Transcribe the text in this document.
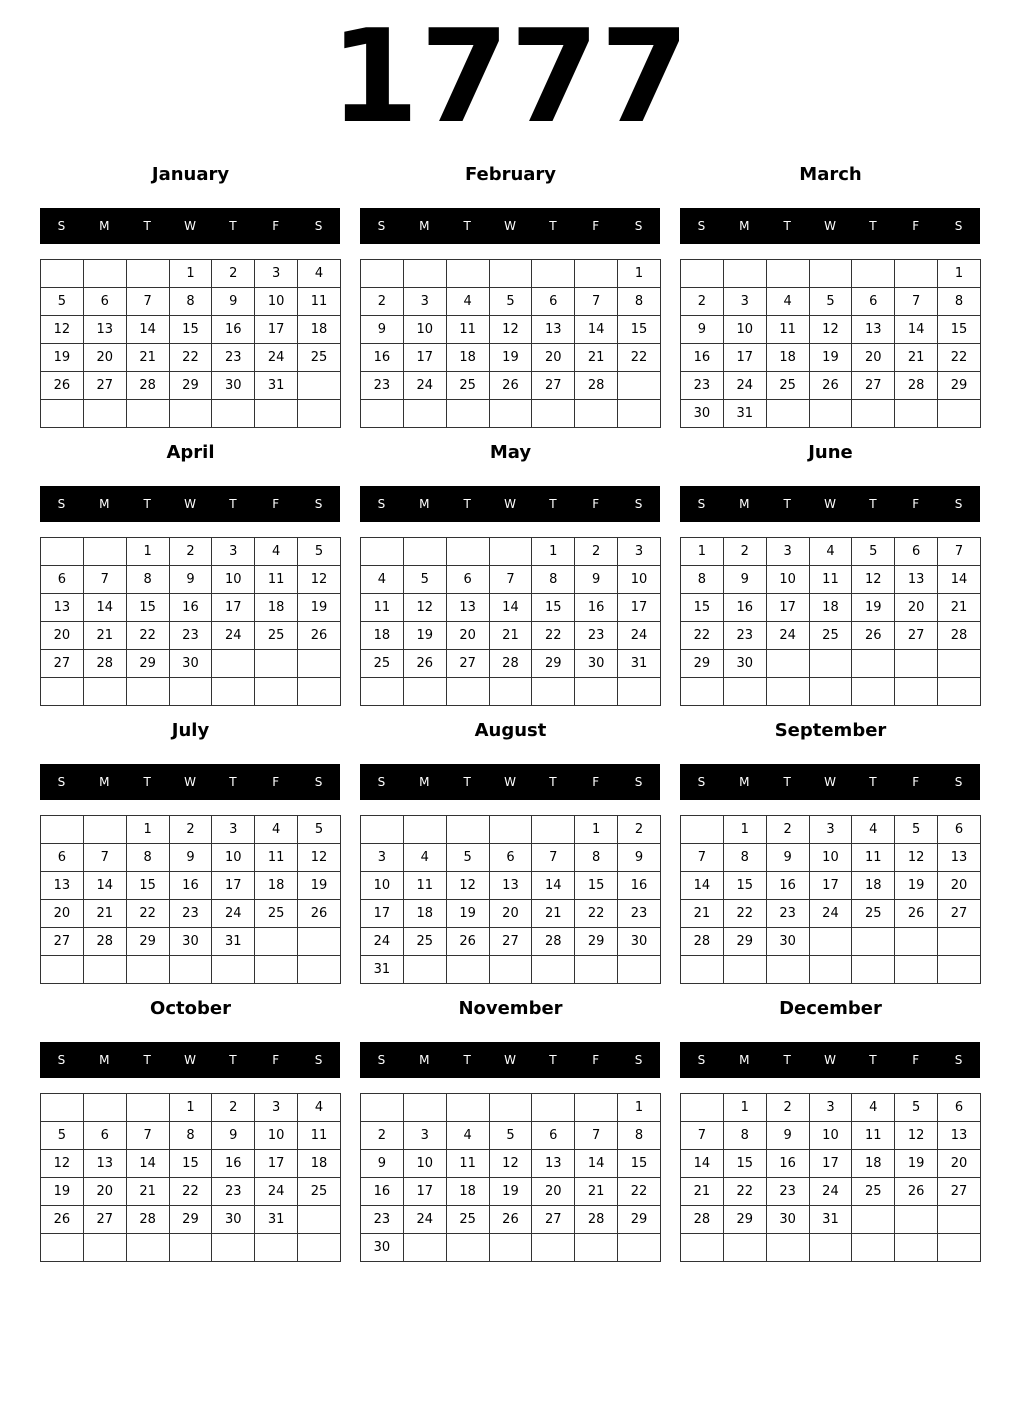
1777
January
S	M	T	W	T	F	S
			1	2	3	4
5	6	7	8	9	10	11
12	13	14	15	16	17	18
19	20	21	22	23	24	25
26	27	28	29	30	31	

February
S	M	T	W	T	F	S
						1
2	3	4	5	6	7	8
9	10	11	12	13	14	15
16	17	18	19	20	21	22
23	24	25	26	27	28	

March
S	M	T	W	T	F	S
						1
2	3	4	5	6	7	8
9	10	11	12	13	14	15
16	17	18	19	20	21	22
23	24	25	26	27	28	29
30	31					
April
S	M	T	W	T	F	S
		1	2	3	4	5
6	7	8	9	10	11	12
13	14	15	16	17	18	19
20	21	22	23	24	25	26
27	28	29	30			

May
S	M	T	W	T	F	S
				1	2	3
4	5	6	7	8	9	10
11	12	13	14	15	16	17
18	19	20	21	22	23	24
25	26	27	28	29	30	31

June
S	M	T	W	T	F	S
1	2	3	4	5	6	7
8	9	10	11	12	13	14
15	16	17	18	19	20	21
22	23	24	25	26	27	28
29	30					

July
S	M	T	W	T	F	S
		1	2	3	4	5
6	7	8	9	10	11	12
13	14	15	16	17	18	19
20	21	22	23	24	25	26
27	28	29	30	31		

August
S	M	T	W	T	F	S
					1	2
3	4	5	6	7	8	9
10	11	12	13	14	15	16
17	18	19	20	21	22	23
24	25	26	27	28	29	30
31						
September
S	M	T	W	T	F	S
	1	2	3	4	5	6
7	8	9	10	11	12	13
14	15	16	17	18	19	20
21	22	23	24	25	26	27
28	29	30				

October
S	M	T	W	T	F	S
			1	2	3	4
5	6	7	8	9	10	11
12	13	14	15	16	17	18
19	20	21	22	23	24	25
26	27	28	29	30	31	

November
S	M	T	W	T	F	S
						1
2	3	4	5	6	7	8
9	10	11	12	13	14	15
16	17	18	19	20	21	22
23	24	25	26	27	28	29
30						
December
S	M	T	W	T	F	S
	1	2	3	4	5	6
7	8	9	10	11	12	13
14	15	16	17	18	19	20
21	22	23	24	25	26	27
28	29	30	31			
